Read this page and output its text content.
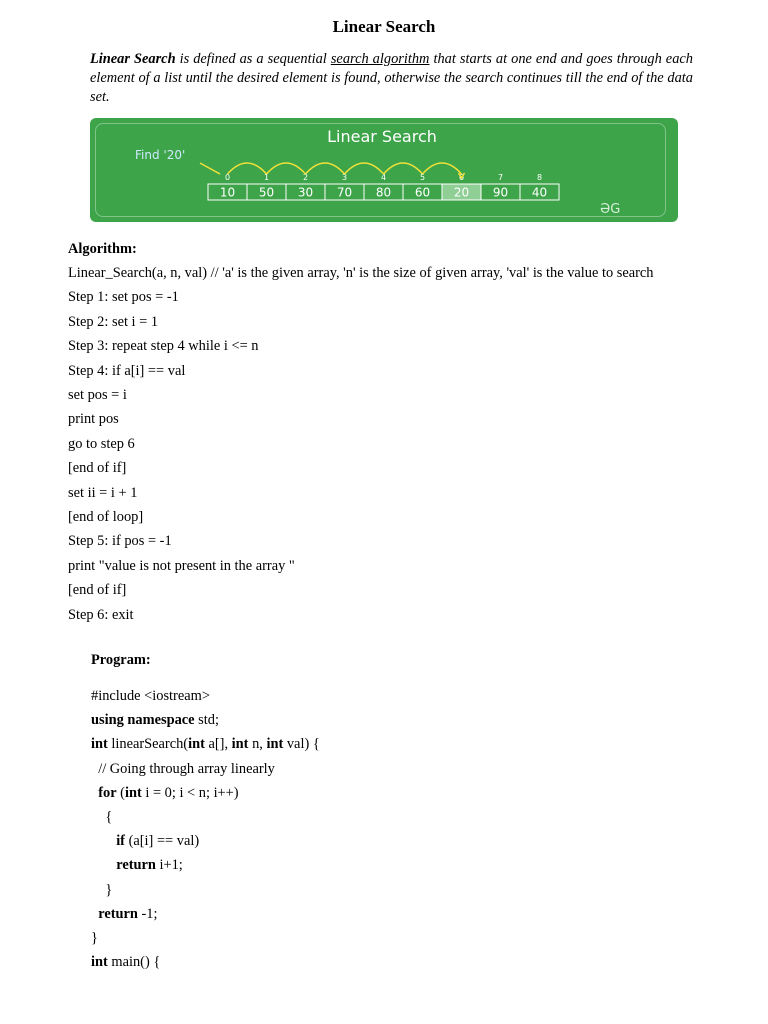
Linear Search
Linear Search is defined as a sequential search algorithm that starts at one end and goes through each element of a list until the desired element is found, otherwise the search continues till the end of the data set.
Linear Search
Find '20'
ƏG
10
0
50
1
30
2
70
3
80
4
60
5
20
6
90
7
40
8
Algorithm:
Linear_Search(a, n, val) // 'a' is the given array, 'n' is the size of given array, 'val' is the value to search
Step 1: set pos = -1
Step 2: set i = 1
Step 3: repeat step 4 while i <= n
Step 4: if a[i] == val
set pos = i
print pos
go to step 6
[end of if]
set ii = i + 1
[end of loop]
Step 5: if pos = -1
print "value is not present in the array "
[end of if]
Step 6: exit
Program:
#include <iostream>
using namespace std;
int linearSearch(int a[], int n, int val) {
// Going through array linearly
for (int i = 0; i < n; i++)
{
if (a[i] == val)
return i+1;
}
return -1;
}
int main() {
